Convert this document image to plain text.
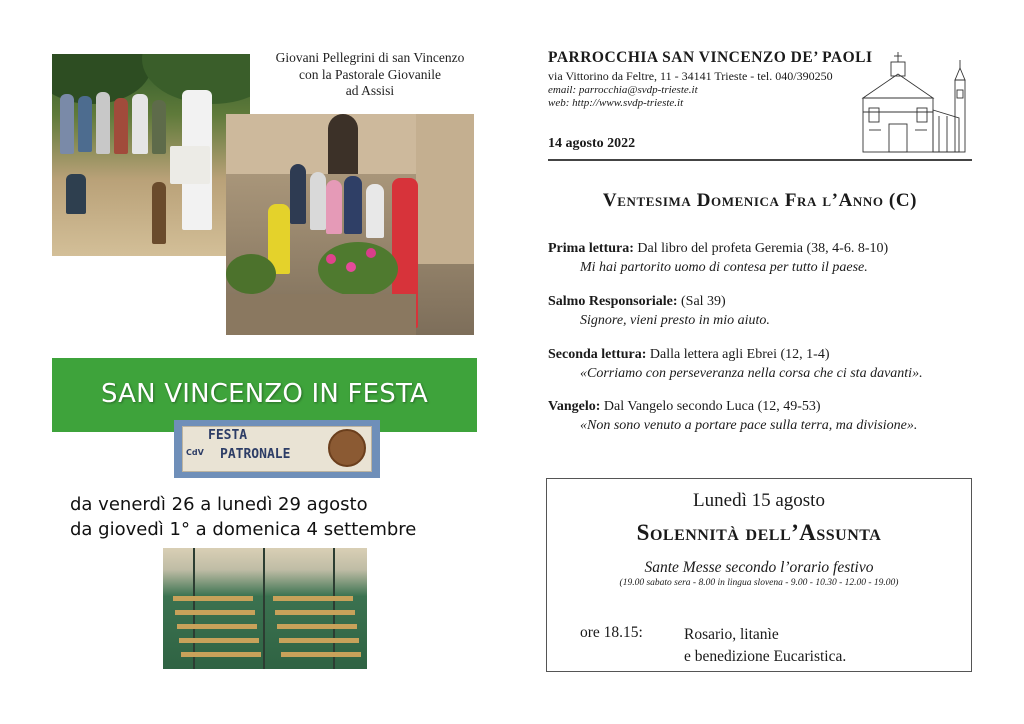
Giovani Pellegrini di san Vincenzo
con la Pastorale Giovanile
ad Assisi
SAN VINCENZO IN FESTA
FESTA
PATRONALE
CdV
da venerdì 26 a lunedì 29 agosto
da giovedì 1° a domenica 4 settembre
PARROCCHIA SAN VINCENZO DE’ PAOLI
via Vittorino da Feltre, 11 - 34141 Trieste - tel. 040/390250
email: parrocchia@svdp-trieste.it
web: http://www.svdp-trieste.it
14 agosto 2022
Ventesima Domenica Fra l’Anno (C)
Prima lettura: Dal libro del profeta Geremia (38, 4-6. 8-10)
Mi hai partorito uomo di contesa per tutto il paese.
Salmo Responsoriale: (Sal 39)
Signore, vieni presto in mio aiuto.
Seconda lettura: Dalla lettera agli Ebrei (12, 1-4)
«Corriamo con perseveranza nella corsa che ci sta davanti».
Vangelo: Dal Vangelo secondo Luca (12, 49-53)
«Non sono venuto a portare pace sulla terra, ma divisione».
Lunedì 15 agosto
Solennità dell’Assunta
Sante Messe secondo l’orario festivo
(19.00 sabato sera - 8.00 in lingua slovena - 9.00 - 10.30 - 12.00 - 19.00)
ore 18.15:	Rosario, litanìe
e benedizione Eucaristica.
